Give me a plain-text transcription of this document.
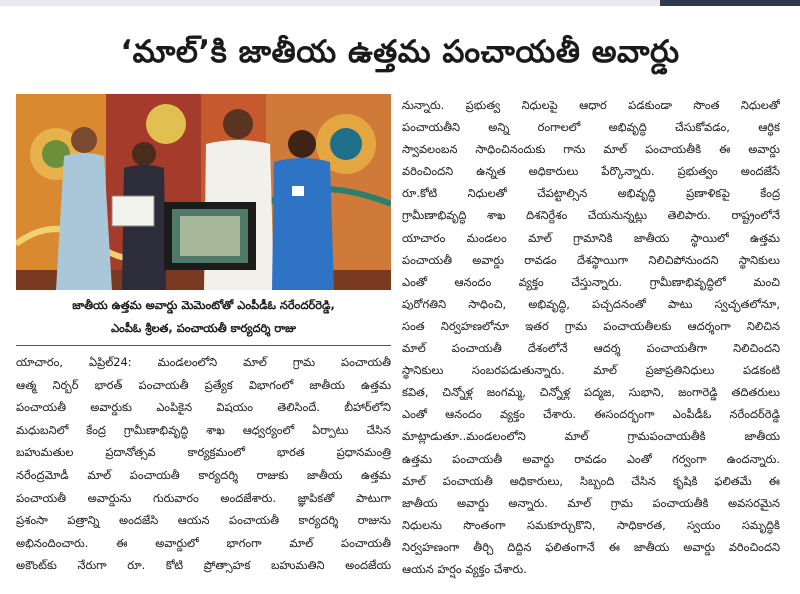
‘మాల్’కి జాతీయ ఉత్తమ పంచాయతీ అవార్డు
జాతీయ ఉత్తమ అవార్డు మెమెంటోతో ఎంపీడీఓ నరేందర్‌రెడ్డి,
ఎంపీఓ శ్రీలత, పంచాయతీ కార్యదర్శి రాజు
యాచారం, ఏప్రిల్24: మండలంలోని మాల్ గ్రామ పంచాయతీ
ఆత్మ నిర్బర్ భారత్ పంచాయతీ ప్రత్యేక విభాగంలో జాతీయ ఉత్తమ
పంచాయతీ అవార్డుకు ఎంపికైన విషయం తెలిసిందే. బీహార్‌లోని
మధుబనిలో కేంద్ర గ్రామీణాభివృద్ధి శాఖ ఆధ్వర్యంలో ఏర్పాటు చేసిన
బహుమతుల ప్రదానోత్సవ కార్యక్రమంలో భారత ప్రధానమంత్రి
నరేంద్రమోడీ మాల్ పంచాయతీ కార్యదర్శి రాజుకు జాతీయ ఉత్తమ
పంచాయతీ అవార్డును గురువారం అందజేశారు. జ్ఞాపికతో పాటుగా
ప్రశంసా పత్రాన్ని అందజేసి ఆయన పంచాయతీ కార్యదర్శి రాజును
అభినందించారు. ఈ అవార్డులో భాగంగా మాల్ పంచాయతీ
అకౌంట్‌కు నేరుగా రూ. కోటి ప్రోత్సాహక బహుమతిని అందజేయ
నున్నారు. ప్రభుత్వ నిధులపై ఆధార పడకుండా సొంత నిధులతో
పంచాయతీని అన్ని రంగాలలో అభివృద్ధి చేసుకోవడం, ఆర్థిక
స్వావలంబన సాధించినందుకు గాను మాల్ పంచాయతీకి ఈ అవార్డు
వరించిందని ఉన్నత అధికారులు పేర్కొన్నారు. ప్రభుత్వం అందజేసే
రూ.కోటి నిధులతో చేపట్టాల్సిన అభివృద్ధి ప్రణాళికపై కేంద్ర
గ్రామీణాభివృద్ధి శాఖ దిశనిర్దేశం చేయనున్నట్లు తెలిపారు. రాష్ట్రంలోనే
యాచారం మండలం మాల్ గ్రామానికి జాతీయ స్థాయిలో ఉత్తమ
పంచాయతీ అవార్డు రావడం దేశస్థాయిగా నిలిచిపోనుందని స్థానికులు
ఎంతో ఆనందం వ్యక్తం చేస్తున్నారు. గ్రామీణాభివృద్ధిలో మంచి
పురోగతిని సాధించి, అభివృద్ధి, పచ్చదనంతో పాటు స్వచ్ఛతలోనూ,
సంత నిర్వహణలోనూ ఇతర గ్రామ పంచాయతీలకు ఆదర్శంగా నిలిచిన
మాల్ పంచాయతీ దేశంలోనే ఆదర్శ పంచాయతీగా నిలిచిందని
స్థానికులు సంబరపడుతున్నారు. మాల్ ప్రజాప్రతినిధులు పడకంటి
కవిత, చిన్నోళ్ల జంగమ్మ, చిన్నోళ్ల పద్మజ, సుభాని, జంగారెడ్డి తదితరులు
ఎంతో ఆనందం వ్యక్తం చేశారు. ఈసందర్భంగా ఎంపీడీఓ నరేందర్‌రెడ్డి
మాట్లాడుతూ..మండలంలోని మాల్ గ్రామపంచాయతీకి జాతీయ
ఉత్తమ పంచాయతీ అవార్డు రావడం ఎంతో గర్వంగా ఉందన్నారు.
మాల్ పంచాయతీ అధికారులు, సిబ్బంది చేసిన కృషికి ఫలితమే ఈ
జాతీయ అవార్డు అన్నారు. మాల్ గ్రామ పంచాయతీకి అవసరమైన
నిధులను సొంతంగా సమకూర్చుకొని, సాధికారత, స్వయం సమృద్ధికి
నిర్వహణంగా తీర్చి దిద్దిన ఫలితంగానే ఈ జాతీయ అవార్డు వరించిందని
ఆయన హర్షం వ్యక్తం చేశారు.
